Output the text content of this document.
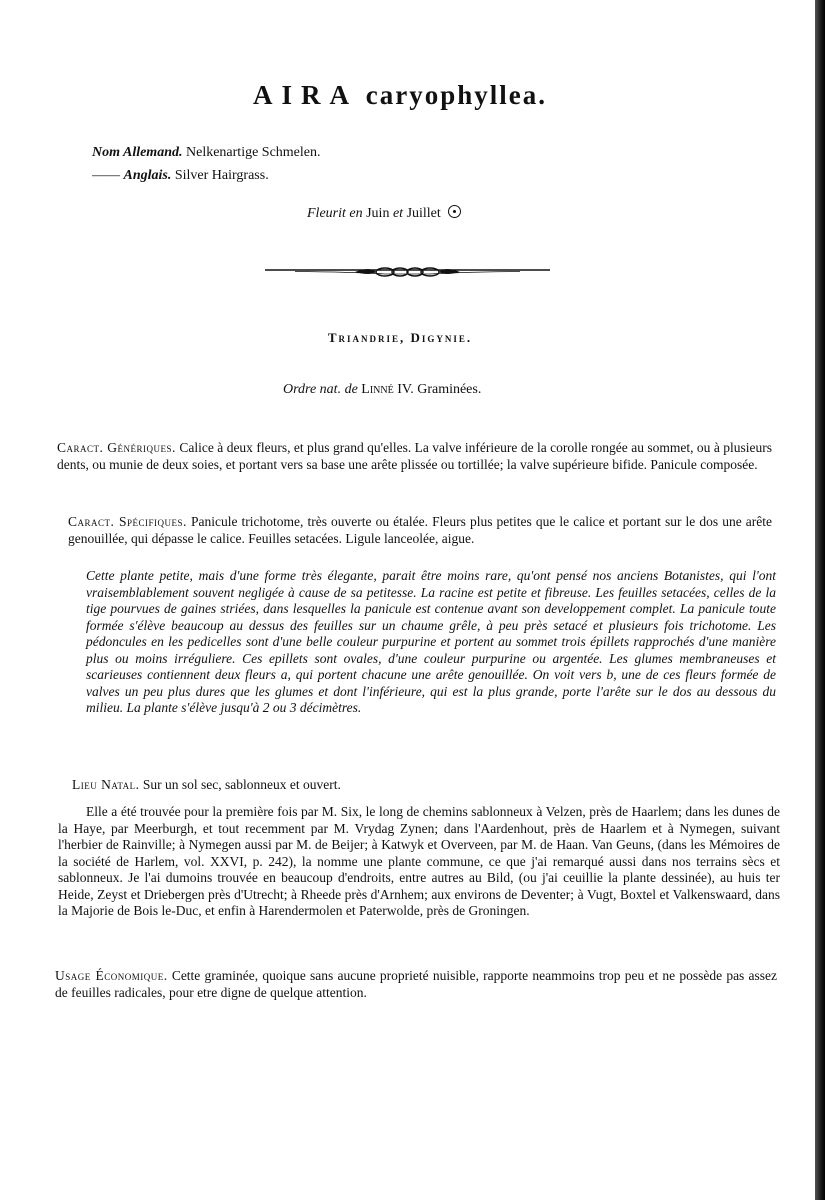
AIRA caryophyllea.
Nom Allemand. Nelkenartige Schmelen.
—— Anglais. Silver Hairgrass.
Fleurit en Juin et Juillet
Triandrie, Digynie.
Ordre nat. de Linné IV. Graminées.
Caract. Génériques. Calice à deux fleurs, et plus grand qu'elles. La valve inférieure de la corolle rongée au sommet, ou à plusieurs dents, ou munie de deux soies, et portant vers sa base une arête plissée ou tortillée; la valve supérieure bifide. Panicule composée.
Caract. Spécifiques. Panicule trichotome, très ouverte ou étalée. Fleurs plus petites que le calice et portant sur le dos une arête genouillée, qui dépasse le calice. Feuilles setacées. Ligule lanceolée, aigue.
Cette plante petite, mais d'une forme très élegante, parait être moins rare, qu'ont pensé nos anciens Botanistes, qui l'ont vraisemblablement souvent negligée à cause de sa petitesse. La racine est petite et fibreuse. Les feuilles setacées, celles de la tige pourvues de gaines striées, dans lesquelles la panicule est contenue avant son developpement complet. La panicule toute formée s'élève beaucoup au dessus des feuilles sur un chaume grêle, à peu près setacé et plusieurs fois trichotome. Les pédoncules en les pedicelles sont d'une belle couleur purpurine et portent au sommet trois épillets rapprochés d'une manière plus ou moins irréguliere. Ces epillets sont ovales, d'une couleur purpurine ou argentée. Les glumes membraneuses et scarieuses contiennent deux fleurs a, qui portent chacune une arête genouillée. On voit vers b, une de ces fleurs formée de valves un peu plus dures que les glumes et dont l'inférieure, qui est la plus grande, porte l'arête sur le dos au dessous du milieu. La plante s'élève jusqu'à 2 ou 3 décimètres.
Lieu Natal. Sur un sol sec, sablonneux et ouvert.
Elle a été trouvée pour la première fois par M. Six, le long de chemins sablonneux à Velzen, près de Haarlem; dans les dunes de la Haye, par Meerburgh, et tout recemment par M. Vrydag Zynen; dans l'Aardenhout, près de Haarlem et à Nymegen, suivant l'herbier de Rainville; à Nymegen aussi par M. de Beijer; à Katwyk et Overveen, par M. de Haan. Van Geuns, (dans les Mémoires de la société de Harlem, vol. XXVI, p. 242), la nomme une plante commune, ce que j'ai remarqué aussi dans nos terrains sècs et sablonneux. Je l'ai dumoins trouvée en beaucoup d'endroits, entre autres au Bild, (ou j'ai ceuillie la plante dessinée), au huis ter Heide, Zeyst et Driebergen près d'Utrecht; à Rheede près d'Arnhem; aux environs de Deventer; à Vugt, Boxtel et Valkenswaard, dans la Majorie de Bois le-Duc, et enfin à Harendermolen et Paterwolde, près de Groningen.
Usage Économique. Cette graminée, quoique sans aucune proprieté nuisible, rapporte neammoins trop peu et ne possède pas assez de feuilles radicales, pour etre digne de quelque attention.
